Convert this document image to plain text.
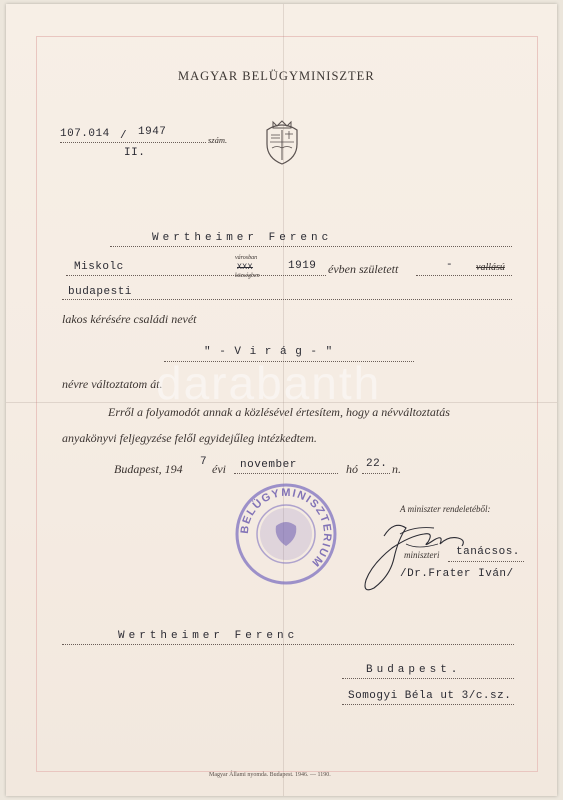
MAGYAR BELÜGYMINISZTER
107.014 / 1947
szám.
II.
Wertheimer Ferenc
Miskolc
városban
XXX
községben
1919 évben született	- vallású
budapesti
lakos kérésére családi nevét
" - V i r á g - "
névre változtatom át.
Erről a folyamodót annak a közlésével értesítem, hogy a névváltoztatás
anyakönyvi feljegyzése felől egyidejűleg intézkedtem.
Budapest, 194 7 évi november	hó 22. n.
BELÜGYMINISZTERIUM
A miniszter rendeletéből:
miniszteri tanácsos.
/Dr.Frater Iván/
Wertheimer Ferenc
Budapest.
Somogyi Béla ut 3/c.sz.
darabanth
Magyar Állami nyomda. Budapest. 1946. — 1190.
